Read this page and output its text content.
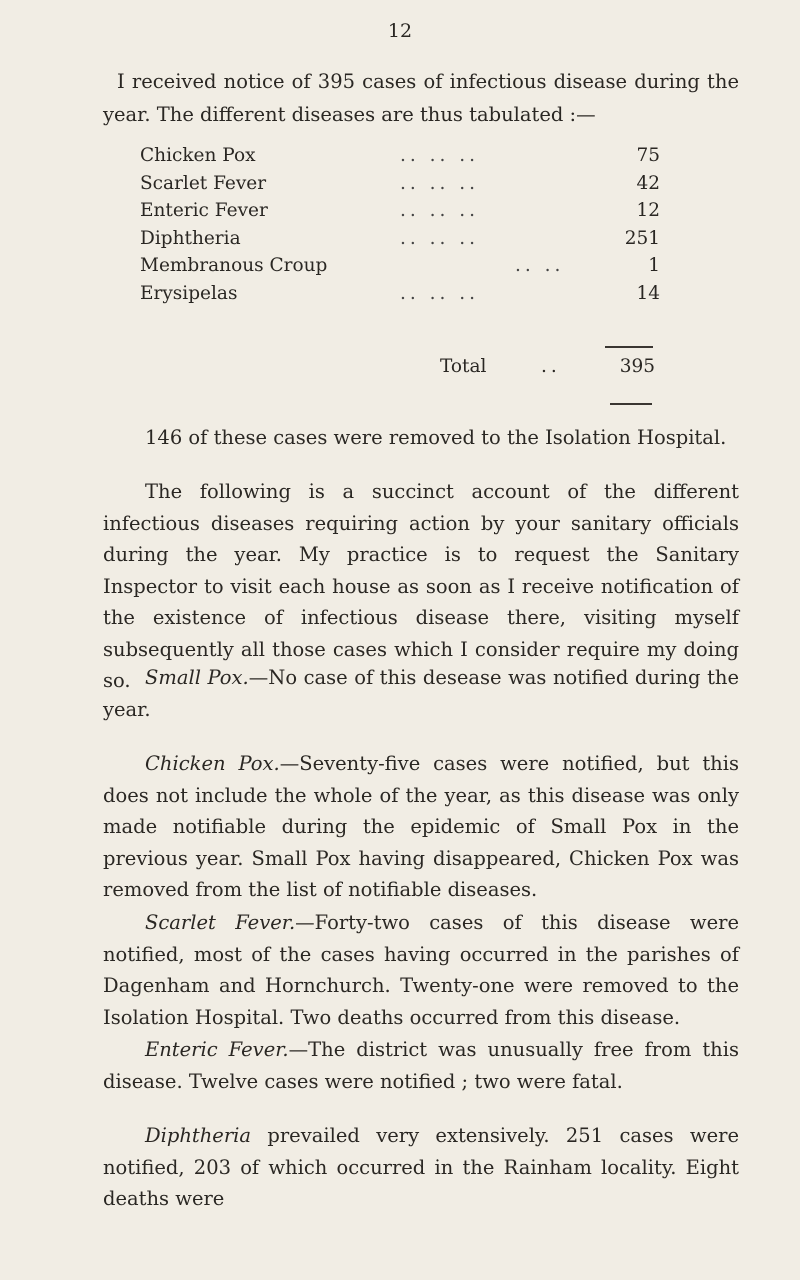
12
I received notice of 395 cases of infectious disease during the
year. The different diseases are thus tabulated :—
Chicken Pox	.. .. ..	75
Scarlet Fever	.. .. ..	42
Enteric Fever	.. .. ..	12
Diphtheria	.. .. ..	251
Membranous Croup	.. ..	1
Erysipelas	.. .. ..	14
Total	..	395

146 of these cases were removed to the Isolation Hospital.

The following is a succinct account of the different infectious diseases requiring action by your sanitary officials during the year. My practice is to request the Sanitary Inspector to visit each house as soon as I receive notification of the existence of infectious disease there, visiting myself subsequently all those cases which I consider require my doing so. Small Pox.—No case of this desease was notified during the year.

Chicken Pox.—Seventy-five cases were notified, but this does not include the whole of the year, as this disease was only made notifiable during the epidemic of Small Pox in the previous year. Small Pox having disappeared, Chicken Pox was removed from the list of notifiable diseases.

Scarlet Fever.—Forty-two cases of this disease were notified, most of the cases having occurred in the parishes of Dagenham and Hornchurch. Twenty-one were removed to the Isolation Hospital. Two deaths occurred from this disease.

Enteric Fever.—The district was unusually free from this disease. Twelve cases were notified ; two were fatal.

Diphtheria prevailed very extensively. 251 cases were notified, 203 of which occurred in the Rainham locality. Eight deaths were
